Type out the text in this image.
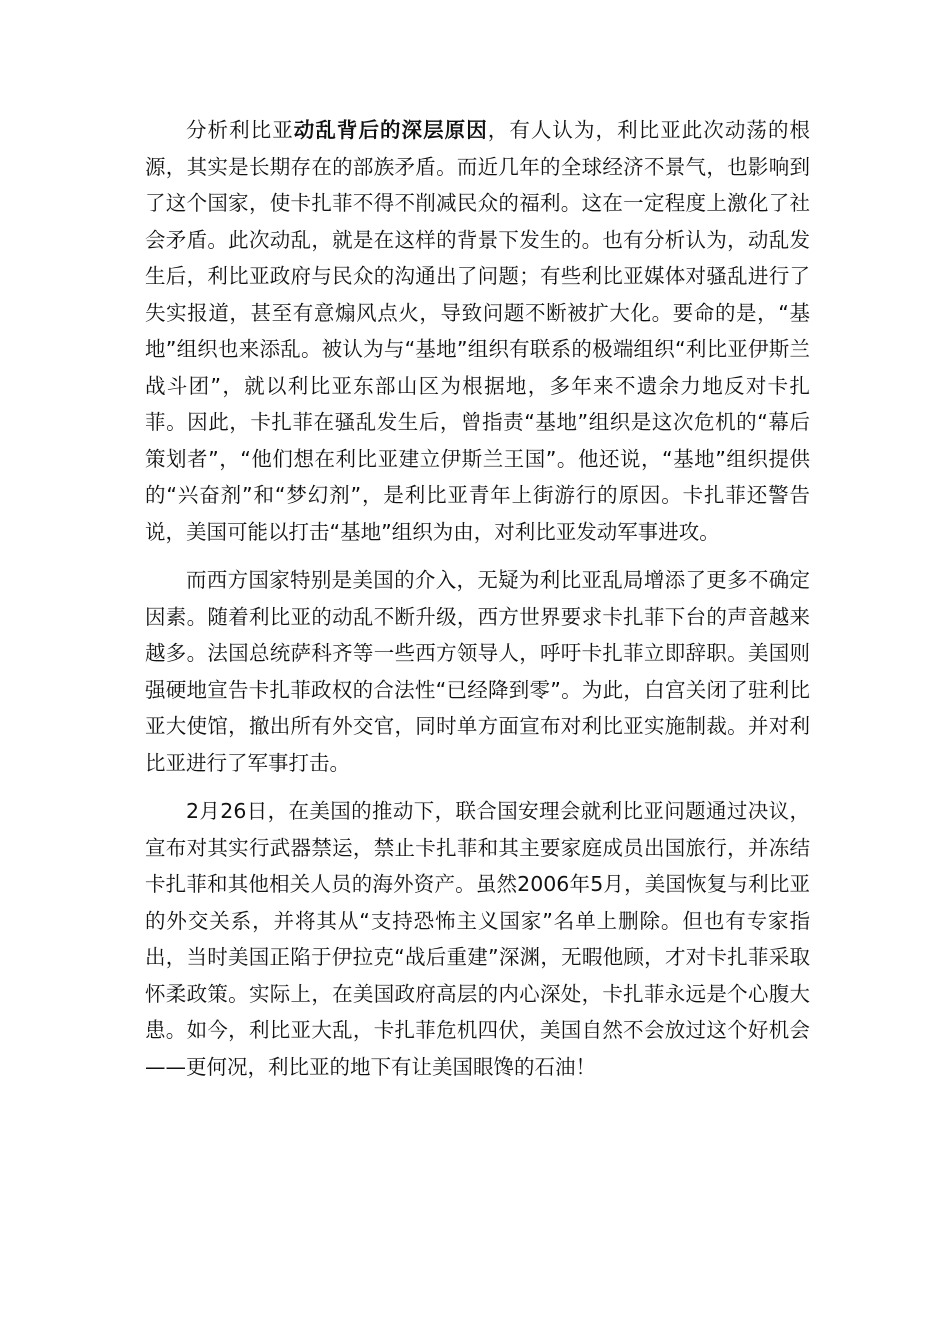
分析利比亚动乱背后的深层原因，有人认为，利比亚此次动荡的根源，其实是长期存在的部族矛盾。而近几年的全球经济不景气，也影响到了这个国家，使卡扎菲不得不削减民众的福利。这在一定程度上激化了社会矛盾。此次动乱，就是在这样的背景下发生的。也有分析认为，动乱发生后，利比亚政府与民众的沟通出了问题；有些利比亚媒体对骚乱进行了失实报道，甚至有意煽风点火，导致问题不断被扩大化。要命的是，“基地”组织也来添乱。被认为与“基地”组织有联系的极端组织“利比亚伊斯兰战斗团”，就以利比亚东部山区为根据地，多年来不遗余力地反对卡扎菲。因此，卡扎菲在骚乱发生后，曾指责“基地”组织是这次危机的“幕后策划者”，“他们想在利比亚建立伊斯兰王国”。他还说，“基地”组织提供的“兴奋剂”和“梦幻剂”，是利比亚青年上街游行的原因。卡扎菲还警告说，美国可能以打击“基地”组织为由，对利比亚发动军事进攻。

而西方国家特别是美国的介入，无疑为利比亚乱局增添了更多不确定因素。随着利比亚的动乱不断升级，西方世界要求卡扎菲下台的声音越来越多。法国总统萨科齐等一些西方领导人，呼吁卡扎菲立即辞职。美国则强硬地宣告卡扎菲政权的合法性“已经降到零”。为此，白宫关闭了驻利比亚大使馆，撤出所有外交官，同时单方面宣布对利比亚实施制裁。并对利比亚进行了军事打击。

2月26日，在美国的推动下，联合国安理会就利比亚问题通过决议，宣布对其实行武器禁运，禁止卡扎菲和其主要家庭成员出国旅行，并冻结卡扎菲和其他相关人员的海外资产。虽然2006年5月，美国恢复与利比亚的外交关系，并将其从“支持恐怖主义国家”名单上删除。但也有专家指出，当时美国正陷于伊拉克“战后重建”深渊，无暇他顾，才对卡扎菲采取怀柔政策。实际上，在美国政府高层的内心深处，卡扎菲永远是个心腹大患。如今，利比亚大乱，卡扎菲危机四伏，美国自然不会放过这个好机会——更何况，利比亚的地下有让美国眼馋的石油！
